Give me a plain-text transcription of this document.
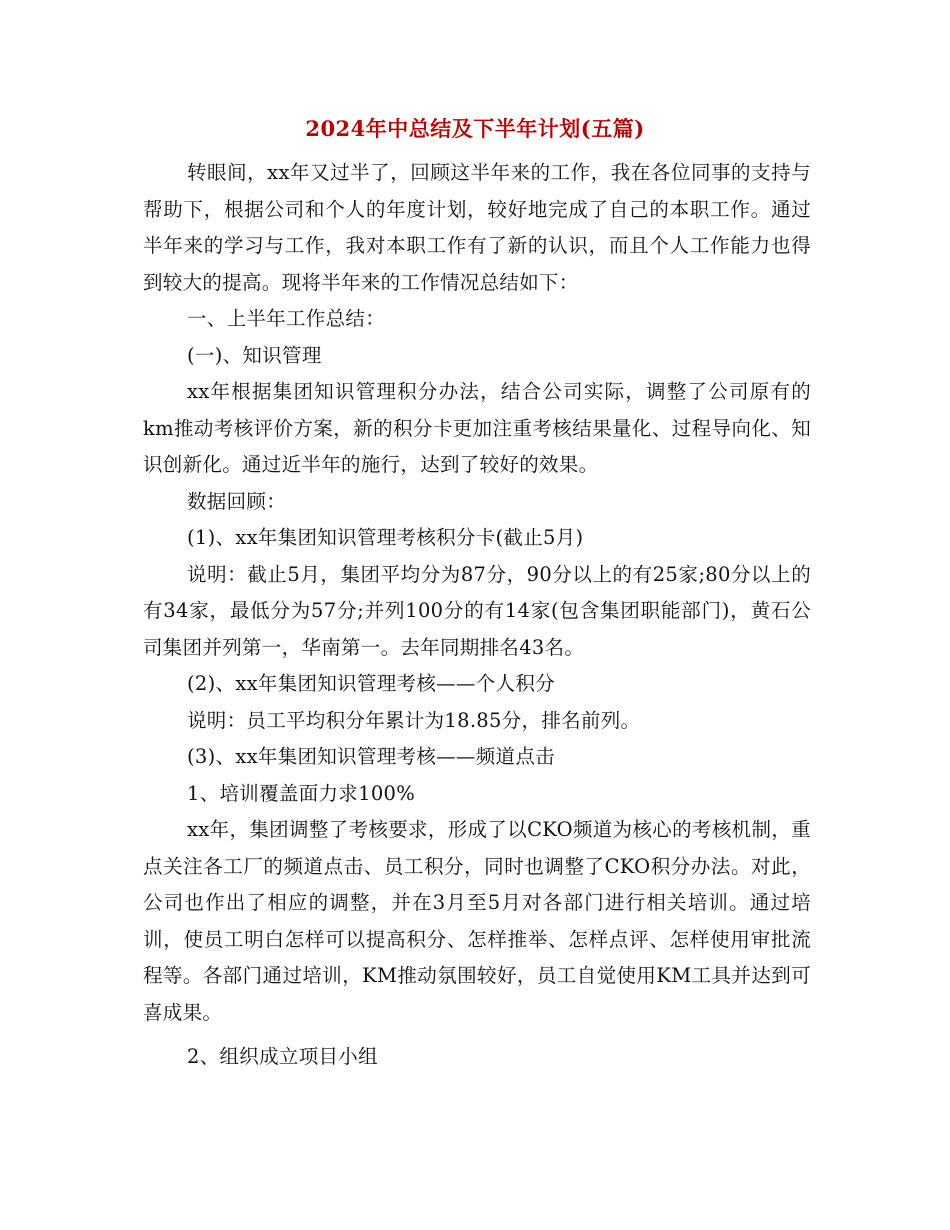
2024年中总结及下半年计划(五篇)

转眼间，xx年又过半了，回顾这半年来的工作，我在各位同事的支持与帮助下，根据公司和个人的年度计划，较好地完成了自己的本职工作。通过半年来的学习与工作，我对本职工作有了新的认识，而且个人工作能力也得到较大的提高。现将半年来的工作情况总结如下：

一、上半年工作总结：

(一)、知识管理

xx年根据集团知识管理积分办法，结合公司实际，调整了公司原有的km推动考核评价方案，新的积分卡更加注重考核结果量化、过程导向化、知识创新化。通过近半年的施行，达到了较好的效果。

数据回顾：

(1)、xx年集团知识管理考核积分卡(截止5月)

说明：截止5月，集团平均分为87分，90分以上的有25家;80分以上的有34家，最低分为57分;并列100分的有14家(包含集团职能部门)，黄石公司集团并列第一，华南第一。去年同期排名43名。

(2)、xx年集团知识管理考核——个人积分

说明：员工平均积分年累计为18.85分，排名前列。

(3)、xx年集团知识管理考核——频道点击

1、培训覆盖面力求100%

xx年，集团调整了考核要求，形成了以CKO频道为核心的考核机制，重点关注各工厂的频道点击、员工积分，同时也调整了CKO积分办法。对此，公司也作出了相应的调整，并在3月至5月对各部门进行相关培训。通过培训，使员工明白怎样可以提高积分、怎样推举、怎样点评、怎样使用审批流程等。各部门通过培训，KM推动氛围较好，员工自觉使用KM工具并达到可喜成果。

2、组织成立项目小组
